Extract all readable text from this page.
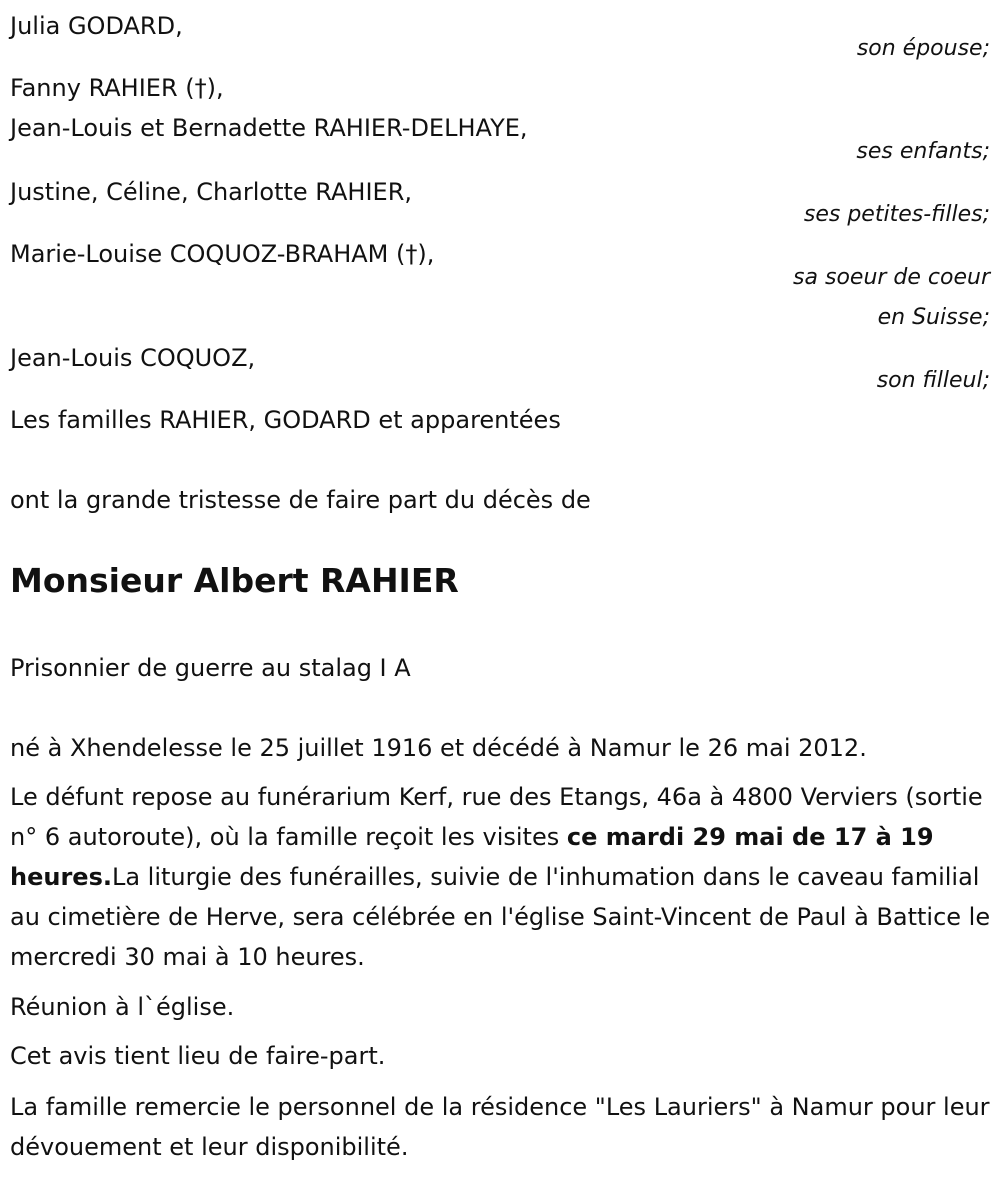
Julia GODARD,
son épouse;
Fanny RAHIER (†),
Jean-Louis et Bernadette RAHIER-DELHAYE,
ses enfants;
Justine, Céline, Charlotte RAHIER,
ses petites-filles;
Marie-Louise COQUOZ-BRAHAM (†),
sa soeur de coeur
en Suisse;
Jean-Louis COQUOZ,
son filleul;
Les familles RAHIER, GODARD et apparentées
ont la grande tristesse de faire part du décès de
Monsieur Albert RAHIER
Prisonnier de guerre au stalag I A
né à Xhendelesse le 25 juillet 1916 et décédé à Namur le 26 mai 2012.
Le défunt repose au funérarium Kerf, rue des Etangs, 46a à 4800 Verviers (sortie n° 6 autoroute), où la famille reçoit les visites ce mardi 29 mai de 17 à 19 heures.La liturgie des funérailles, suivie de l'inhumation dans le caveau familial au cimetière de Herve, sera célébrée en l'église Saint-Vincent de Paul à Battice le mercredi 30 mai à 10 heures.
Réunion à l`église.
Cet avis tient lieu de faire-part.
La famille remercie le personnel de la résidence "Les Lauriers" à Namur pour leur dévouement et leur disponibilité.
